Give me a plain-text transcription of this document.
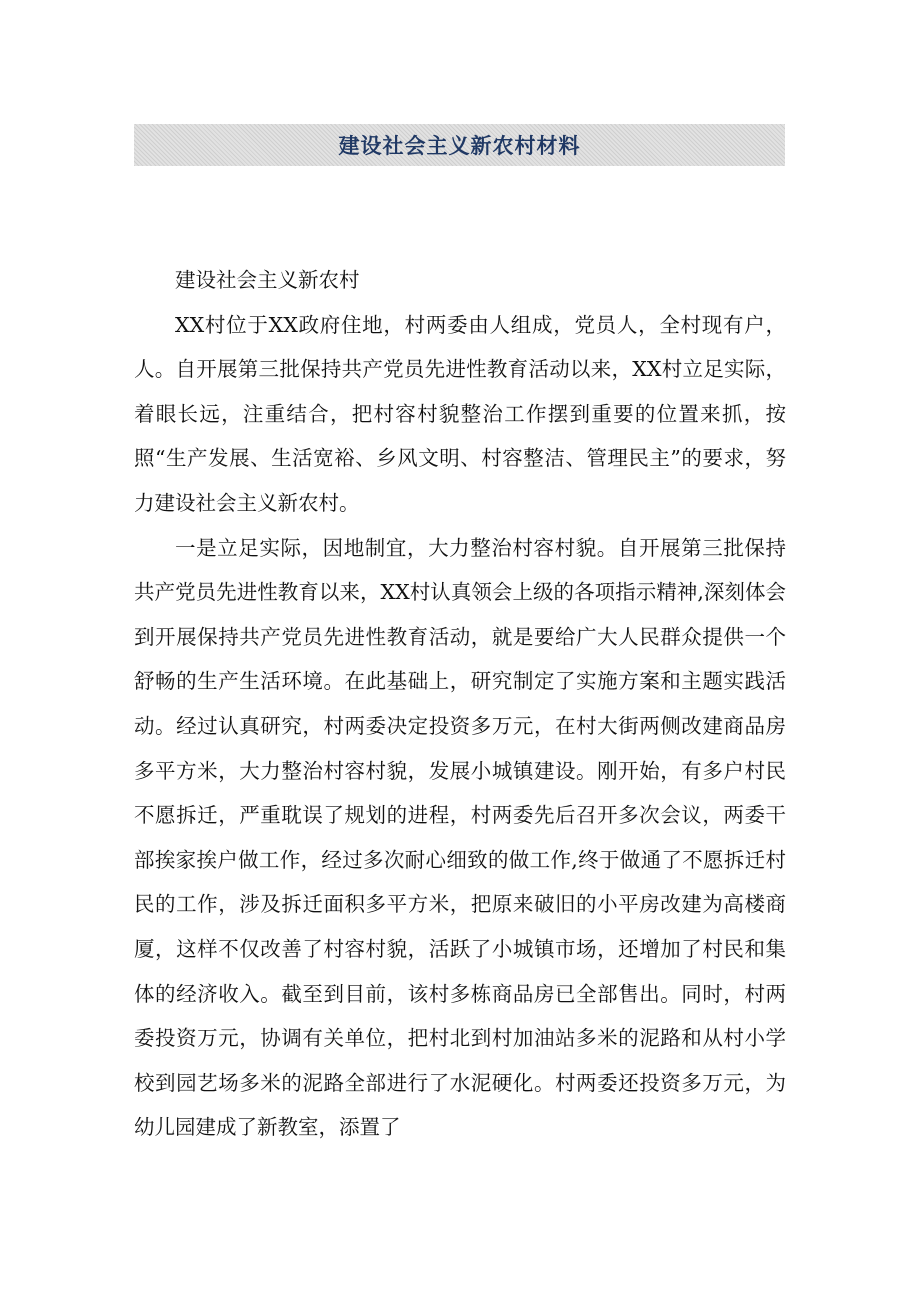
建设社会主义新农村材料

建设社会主义新农村

XX村位于XX政府住地，村两委由人组成，党员人，全村现有户，人。自开展第三批保持共产党员先进性教育活动以来，XX村立足实际，着眼长远，注重结合，把村容村貌整治工作摆到重要的位置来抓，按照“生产发展、生活宽裕、乡风文明、村容整洁、管理民主”的要求，努力建设社会主义新农村。

一是立足实际，因地制宜，大力整治村容村貌。自开展第三批保持共产党员先进性教育以来，XX村认真领会上级的各项指示精神,深刻体会到开展保持共产党员先进性教育活动，就是要给广大人民群众提供一个舒畅的生产生活环境。在此基础上，研究制定了实施方案和主题实践活动。经过认真研究，村两委决定投资多万元，在村大街两侧改建商品房多平方米，大力整治村容村貌，发展小城镇建设。刚开始，有多户村民不愿拆迁，严重耽误了规划的进程，村两委先后召开多次会议，两委干部挨家挨户做工作，经过多次耐心细致的做工作,终于做通了不愿拆迁村民的工作，涉及拆迁面积多平方米，把原来破旧的小平房改建为高楼商厦，这样不仅改善了村容村貌，活跃了小城镇市场，还增加了村民和集体的经济收入。截至到目前，该村多栋商品房已全部售出。同时，村两委投资万元，协调有关单位，把村北到村加油站多米的泥路和从村小学校到园艺场多米的泥路全部进行了水泥硬化。村两委还投资多万元，为幼儿园建成了新教室，添置了
